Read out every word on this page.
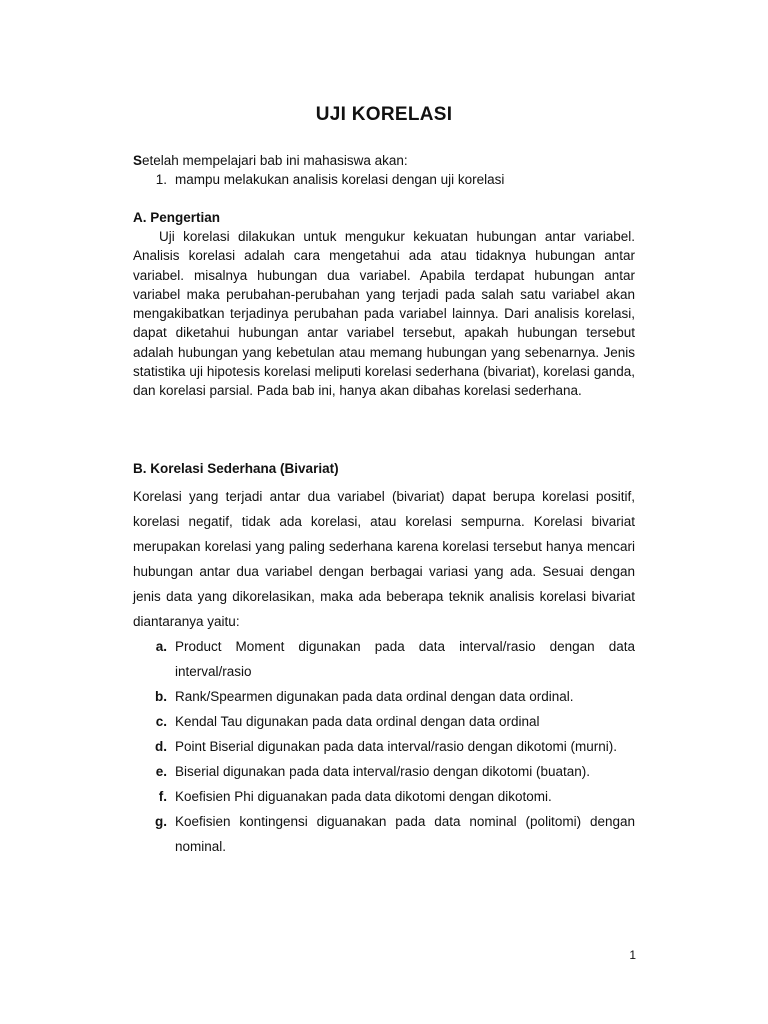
UJI KORELASI
Setelah mempelajari bab ini mahasiswa akan:
1. mampu melakukan analisis korelasi dengan uji korelasi
A. Pengertian

Uji korelasi dilakukan untuk mengukur kekuatan hubungan antar variabel. Analisis korelasi adalah cara mengetahui ada atau tidaknya hubungan antar variabel. misalnya hubungan dua variabel. Apabila terdapat hubungan antar variabel maka perubahan-perubahan yang terjadi pada salah satu variabel akan mengakibatkan terjadinya perubahan pada variabel lainnya. Dari analisis korelasi, dapat diketahui hubungan antar variabel tersebut, apakah hubungan tersebut adalah hubungan yang kebetulan atau memang hubungan yang sebenarnya. Jenis statistika uji hipotesis korelasi meliputi korelasi sederhana (bivariat), korelasi ganda, dan korelasi parsial. Pada bab ini, hanya akan dibahas korelasi sederhana.

B. Korelasi Sederhana (Bivariat)

Korelasi yang terjadi antar dua variabel (bivariat) dapat berupa korelasi positif, korelasi negatif, tidak ada korelasi, atau korelasi sempurna. Korelasi bivariat merupakan korelasi yang paling sederhana karena korelasi tersebut hanya mencari hubungan antar dua variabel dengan berbagai variasi yang ada. Sesuai dengan jenis data yang dikorelasikan, maka ada beberapa teknik analisis korelasi bivariat diantaranya yaitu:

a. Product Moment digunakan pada data interval/rasio dengan data interval/rasio
b. Rank/Spearmen digunakan pada data ordinal dengan data ordinal.
c. Kendal Tau digunakan pada data ordinal dengan data ordinal
d. Point Biserial digunakan pada data interval/rasio dengan dikotomi (murni).
e. Biserial digunakan pada data interval/rasio dengan dikotomi (buatan).
f. Koefisien Phi diguanakan pada data dikotomi dengan dikotomi.
g. Koefisien kontingensi diguanakan pada data nominal (politomi) dengan nominal.
1
